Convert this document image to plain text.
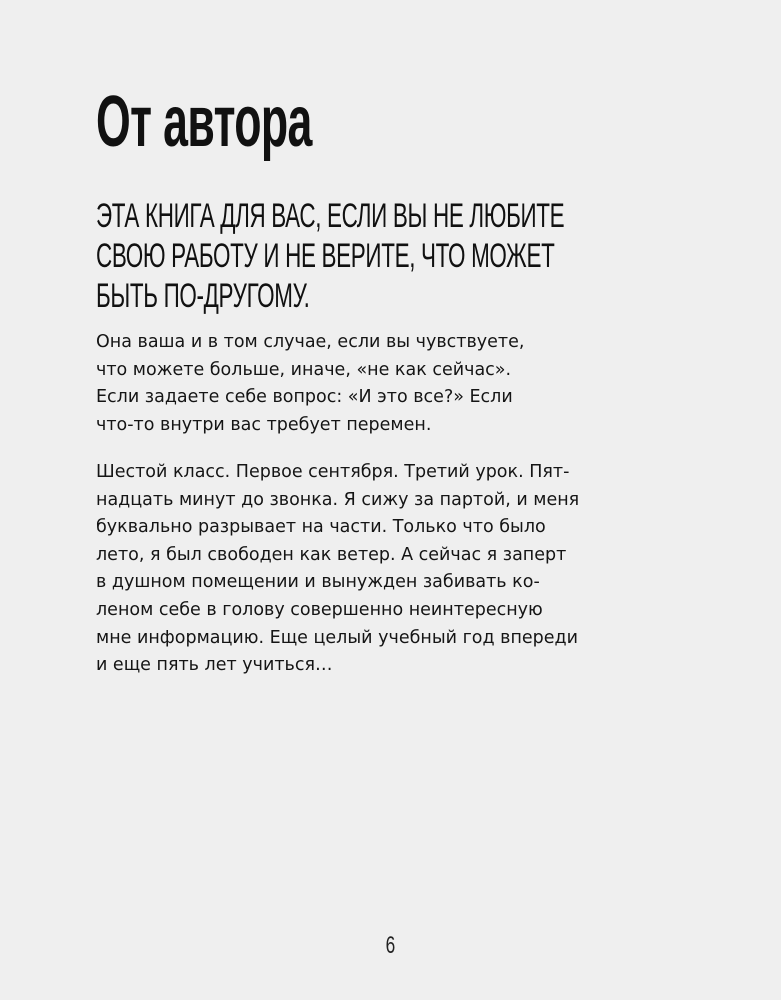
От автора
ЭТА КНИГА ДЛЯ ВАС, ЕСЛИ ВЫ НЕ ЛЮБИТЕ
СВОЮ РАБОТУ И НЕ ВЕРИТЕ, ЧТО МОЖЕТ
БЫТЬ ПО-ДРУГОМУ.
Она ваша и в том случае, если вы чувствуете,
что можете больше, иначе, «не как сейчас».
Если задаете себе вопрос: «И это все?» Если
что-то внутри вас требует перемен.
Шестой класс. Первое сентября. Третий урок. Пят-
надцать минут до звонка. Я сижу за партой, и меня
буквально разрывает на части. Только что было
лето, я был свободен как ветер. А сейчас я заперт
в душном помещении и вынужден забивать ко-
леном себе в голову совершенно неинтересную
мне информацию. Еще целый учебный год впереди
и еще пять лет учиться…
6
